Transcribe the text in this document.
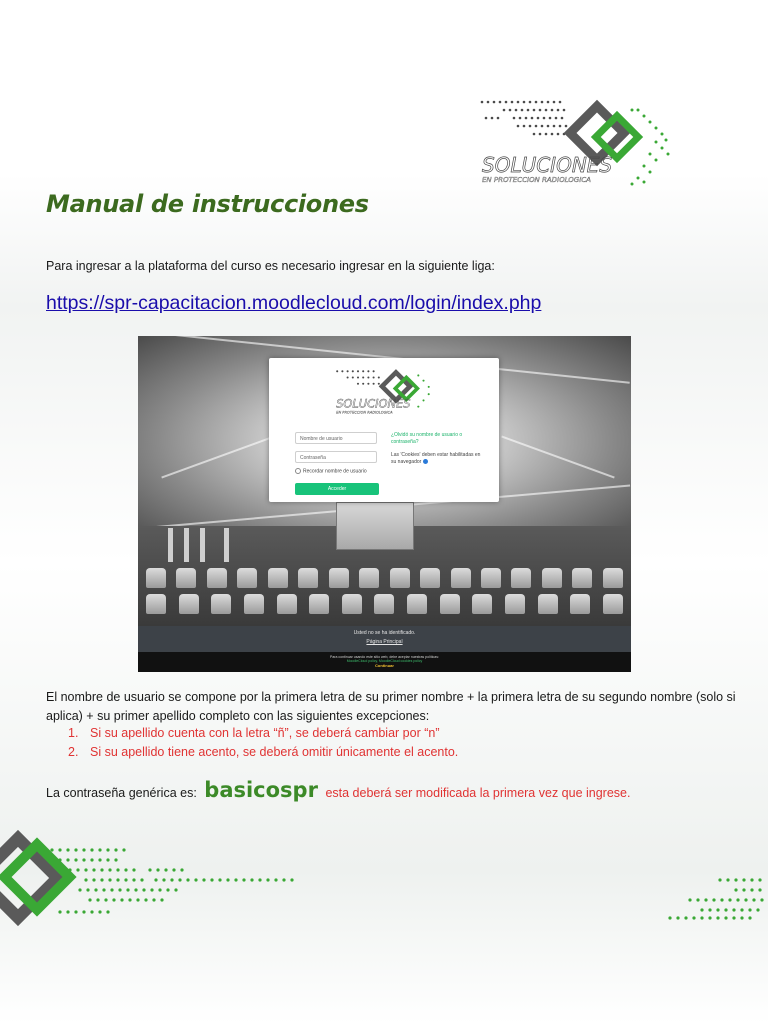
SOLUCIONES
EN PROTECCION RADIOLOGICA
Manual de instrucciones
Para ingresar a la plataforma del curso es necesario ingresar en la siguiente liga:
https://spr-capacitacion.moodlecloud.com/login/index.php
SOLUCIONES
EN PROTECCION RADIOLOGICA
Nombre de usuario
Contraseña
Recordar nombre de usuario
Acceder
¿Olvidó su nombre de usuario o contraseña?
Las 'Cookies' deben estar habilitadas en su navegador
Usted no se ha identificado.
Página Principal
Para continuar usando este sitio web, debe aceptar nuestras políticas:
MoodleCloud policy, MoodleCloud cookies policy
Continuar

El nombre de usuario se compone por la primera letra de su primer nombre + la primera letra de su segundo nombre (solo si aplica) + su primer apellido completo con las siguientes excepciones:

1. Si su apellido cuenta con la letra “ñ”, se deberá cambiar por “n”
2. Si su apellido tiene acento, se deberá omitir únicamente el acento.
La contraseña genérica es: basicospr esta deberá ser modificada la primera vez que ingrese.
